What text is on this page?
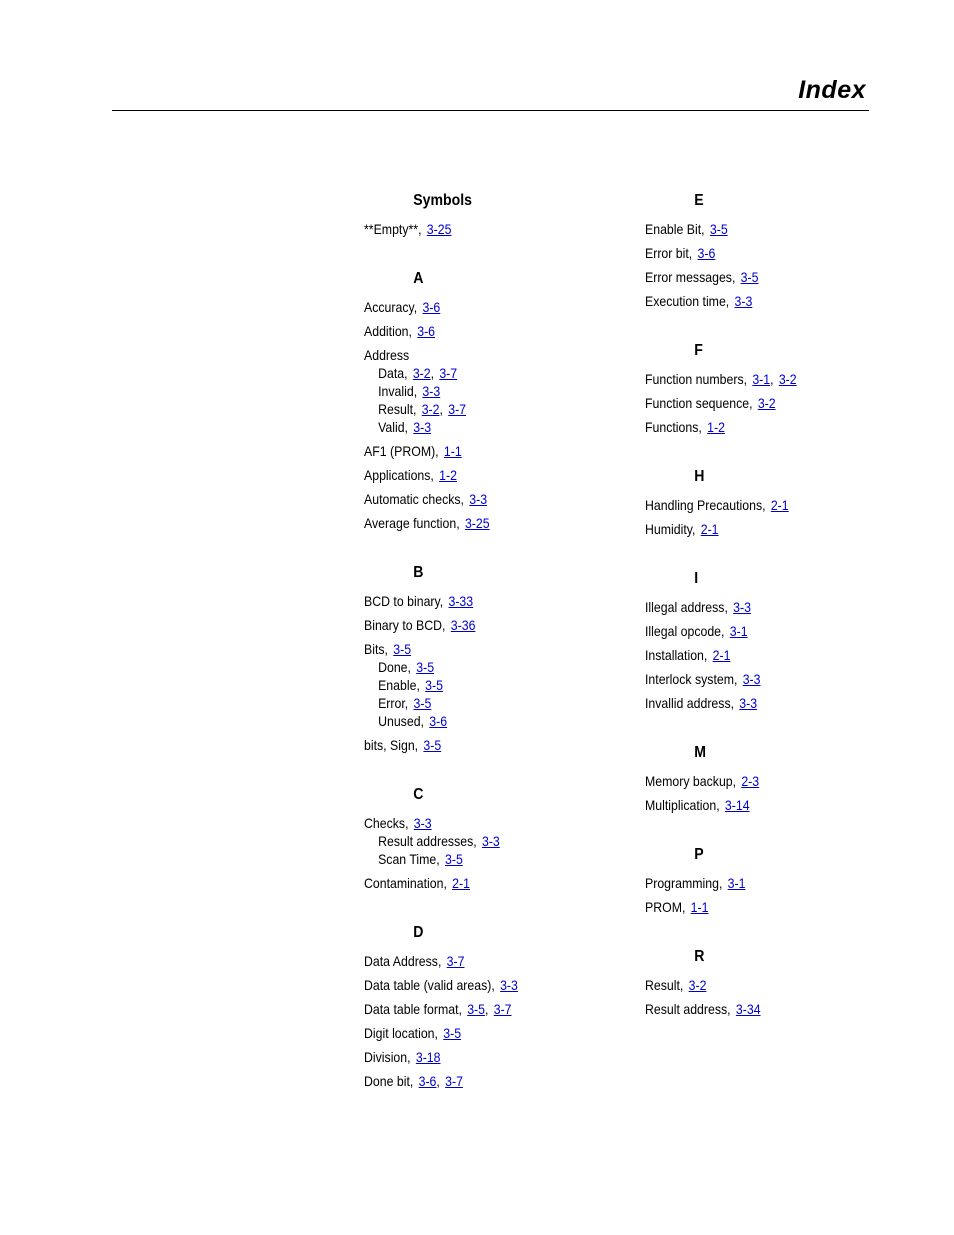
Index
Symbols
**Empty**, 3-25
A
Accuracy, 3-6
Addition, 3-6
Address
Data, 3-2, 3-7
Invalid, 3-3
Result, 3-2, 3-7
Valid, 3-3
AF1 (PROM), 1-1
Applications, 1-2
Automatic checks, 3-3
Average function, 3-25
B
BCD to binary, 3-33
Binary to BCD, 3-36
Bits, 3-5
Done, 3-5
Enable, 3-5
Error, 3-5
Unused, 3-6
bits, Sign, 3-5
C
Checks, 3-3
Result addresses, 3-3
Scan Time, 3-5
Contamination, 2-1
D
Data Address, 3-7
Data table (valid areas), 3-3
Data table format, 3-5, 3-7
Digit location, 3-5
Division, 3-18
Done bit, 3-6, 3-7
E
Enable Bit, 3-5
Error bit, 3-6
Error messages, 3-5
Execution time, 3-3
F
Function numbers, 3-1, 3-2
Function sequence, 3-2
Functions, 1-2
H
Handling Precautions, 2-1
Humidity, 2-1
I
Illegal address, 3-3
Illegal opcode, 3-1
Installation, 2-1
Interlock system, 3-3
Invallid address, 3-3
M
Memory backup, 2-3
Multiplication, 3-14
P
Programming, 3-1
PROM, 1-1
R
Result, 3-2
Result address, 3-34
